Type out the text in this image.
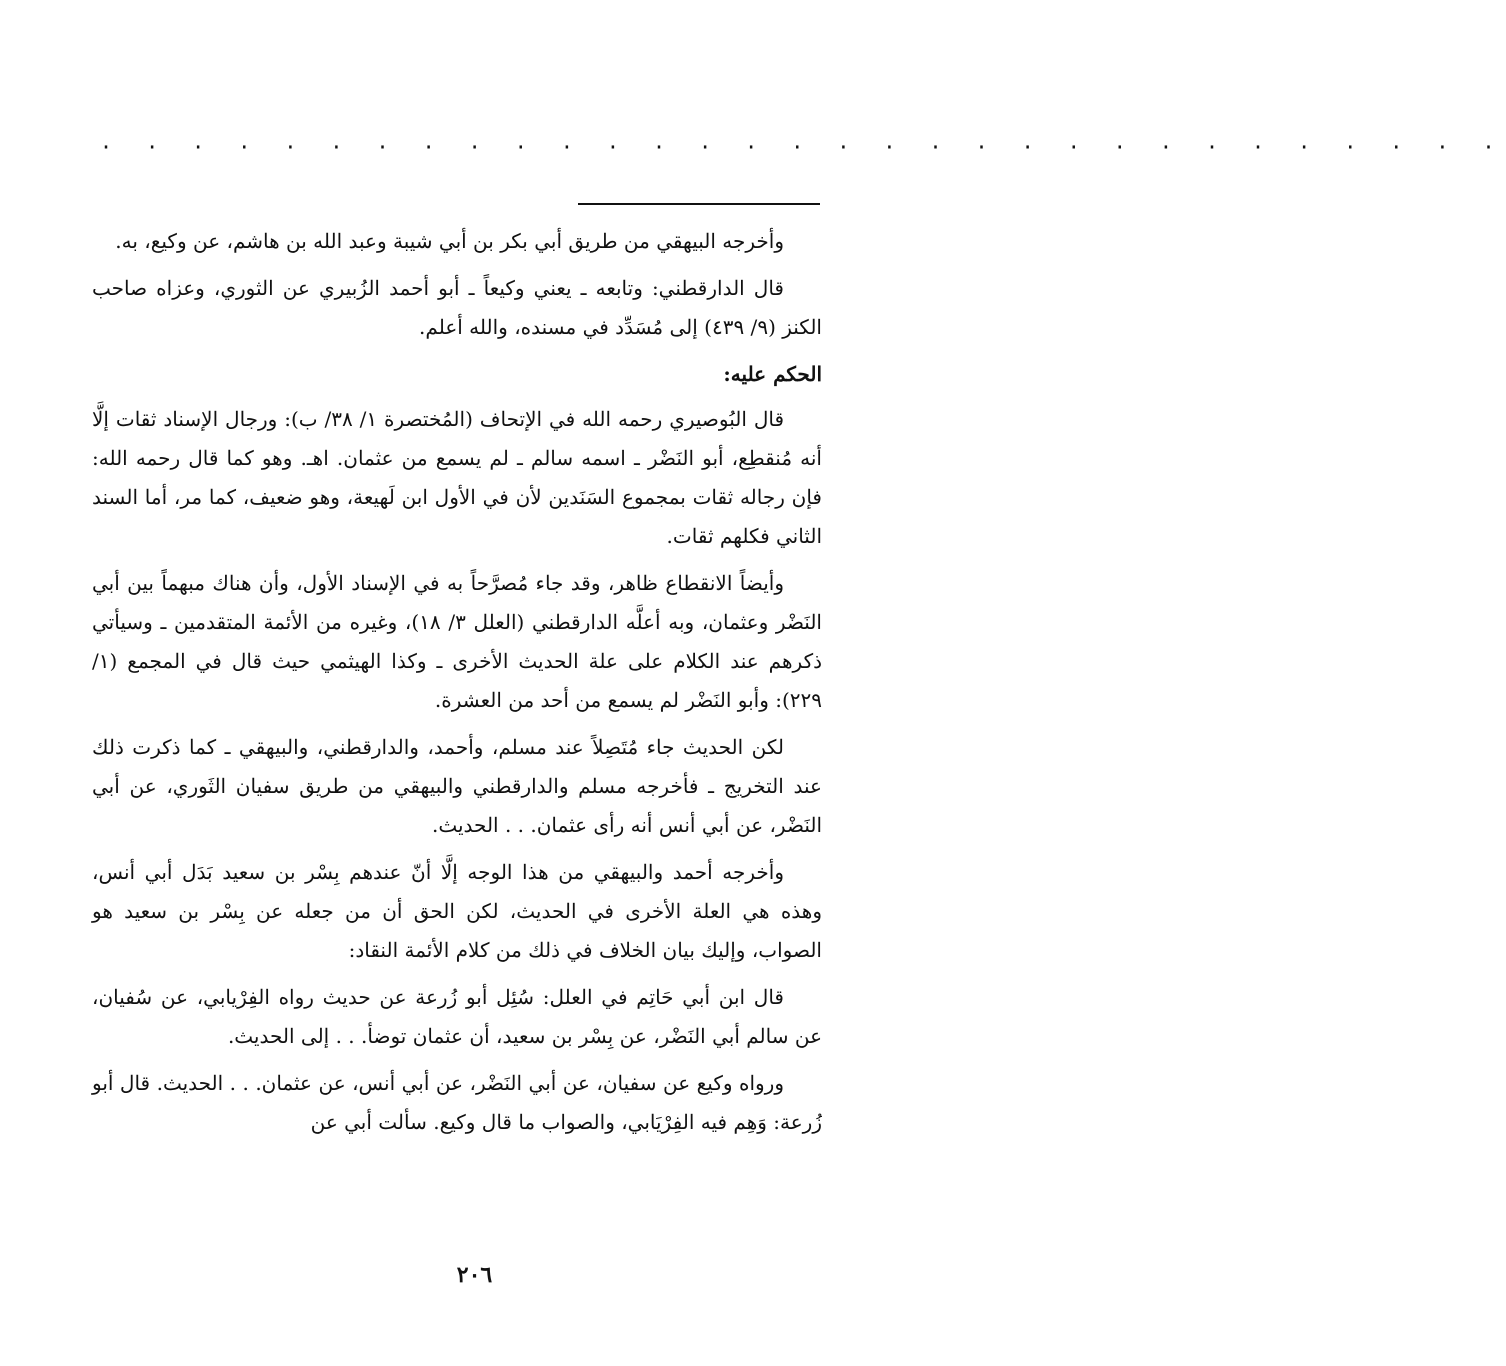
· · · · · · · · · · · · · · · · · · · · · · · · · · · · · · ·

وأخرجه البيهقي من طريق أبي بكر بن أبي شيبة وعبد الله بن هاشم، عن وكيع، به.

قال الدارقطني: وتابعه ـ يعني وكيعاً ـ أبو أحمد الزُبيري عن الثوري، وعزاه صاحب الكنز (٩/ ٤٣٩) إلى مُسَدِّد في مسنده، والله أعلم.

الحكم عليه:

قال البُوصيري رحمه الله في الإتحاف (المُختصرة ١/ ٣٨/ ب): ورجال الإسناد ثقات إلَّا أنه مُنقطِع، أبو النَضْر ـ اسمه سالم ـ لم يسمع من عثمان. اهـ. وهو كما قال رحمه الله: فإن رجاله ثقات بمجموع السَنَدين لأن في الأول ابن لَهيعة، وهو ضعيف، كما مر، أما السند الثاني فكلهم ثقات.

وأيضاً الانقطاع ظاهر، وقد جاء مُصرَّحاً به في الإسناد الأول، وأن هناك مبهماً بين أبي النَضْر وعثمان، وبه أعلَّه الدارقطني (العلل ٣/ ١٨)، وغيره من الأئمة المتقدمين ـ وسيأتي ذكرهم عند الكلام على علة الحديث الأخرى ـ وكذا الهيثمي حيث قال في المجمع (١/ ٢٢٩): وأبو النَضْر لم يسمع من أحد من العشرة.

لكن الحديث جاء مُتَصِلاً عند مسلم، وأحمد، والدارقطني، والبيهقي ـ كما ذكرت ذلك عند التخريج ـ فأخرجه مسلم والدارقطني والبيهقي من طريق سفيان الثَوري، عن أبي النَضْر، عن أبي أنس أنه رأى عثمان. . . الحديث.

وأخرجه أحمد والبيهقي من هذا الوجه إلَّا أنّ عندهم بِسْر بن سعيد بَدَل أبي أنس، وهذه هي العلة الأخرى في الحديث، لكن الحق أن من جعله عن بِسْر بن سعيد هو الصواب، وإليك بيان الخلاف في ذلك من كلام الأئمة النقاد:

قال ابن أبي حَاتِم في العلل: سُئِل أبو زُرعة عن حديث رواه الفِرْيابي، عن سُفيان، عن سالم أبي النَضْر، عن بِسْر بن سعيد، أن عثمان توضأ. . . إلى الحديث.

ورواه وكيع عن سفيان، عن أبي النَضْر، عن أبي أنس، عن عثمان. . . الحديث. قال أبو زُرعة: وَهِم فيه الفِرْيَابي، والصواب ما قال وكيع. سألت أبي عن

٢٠٦
